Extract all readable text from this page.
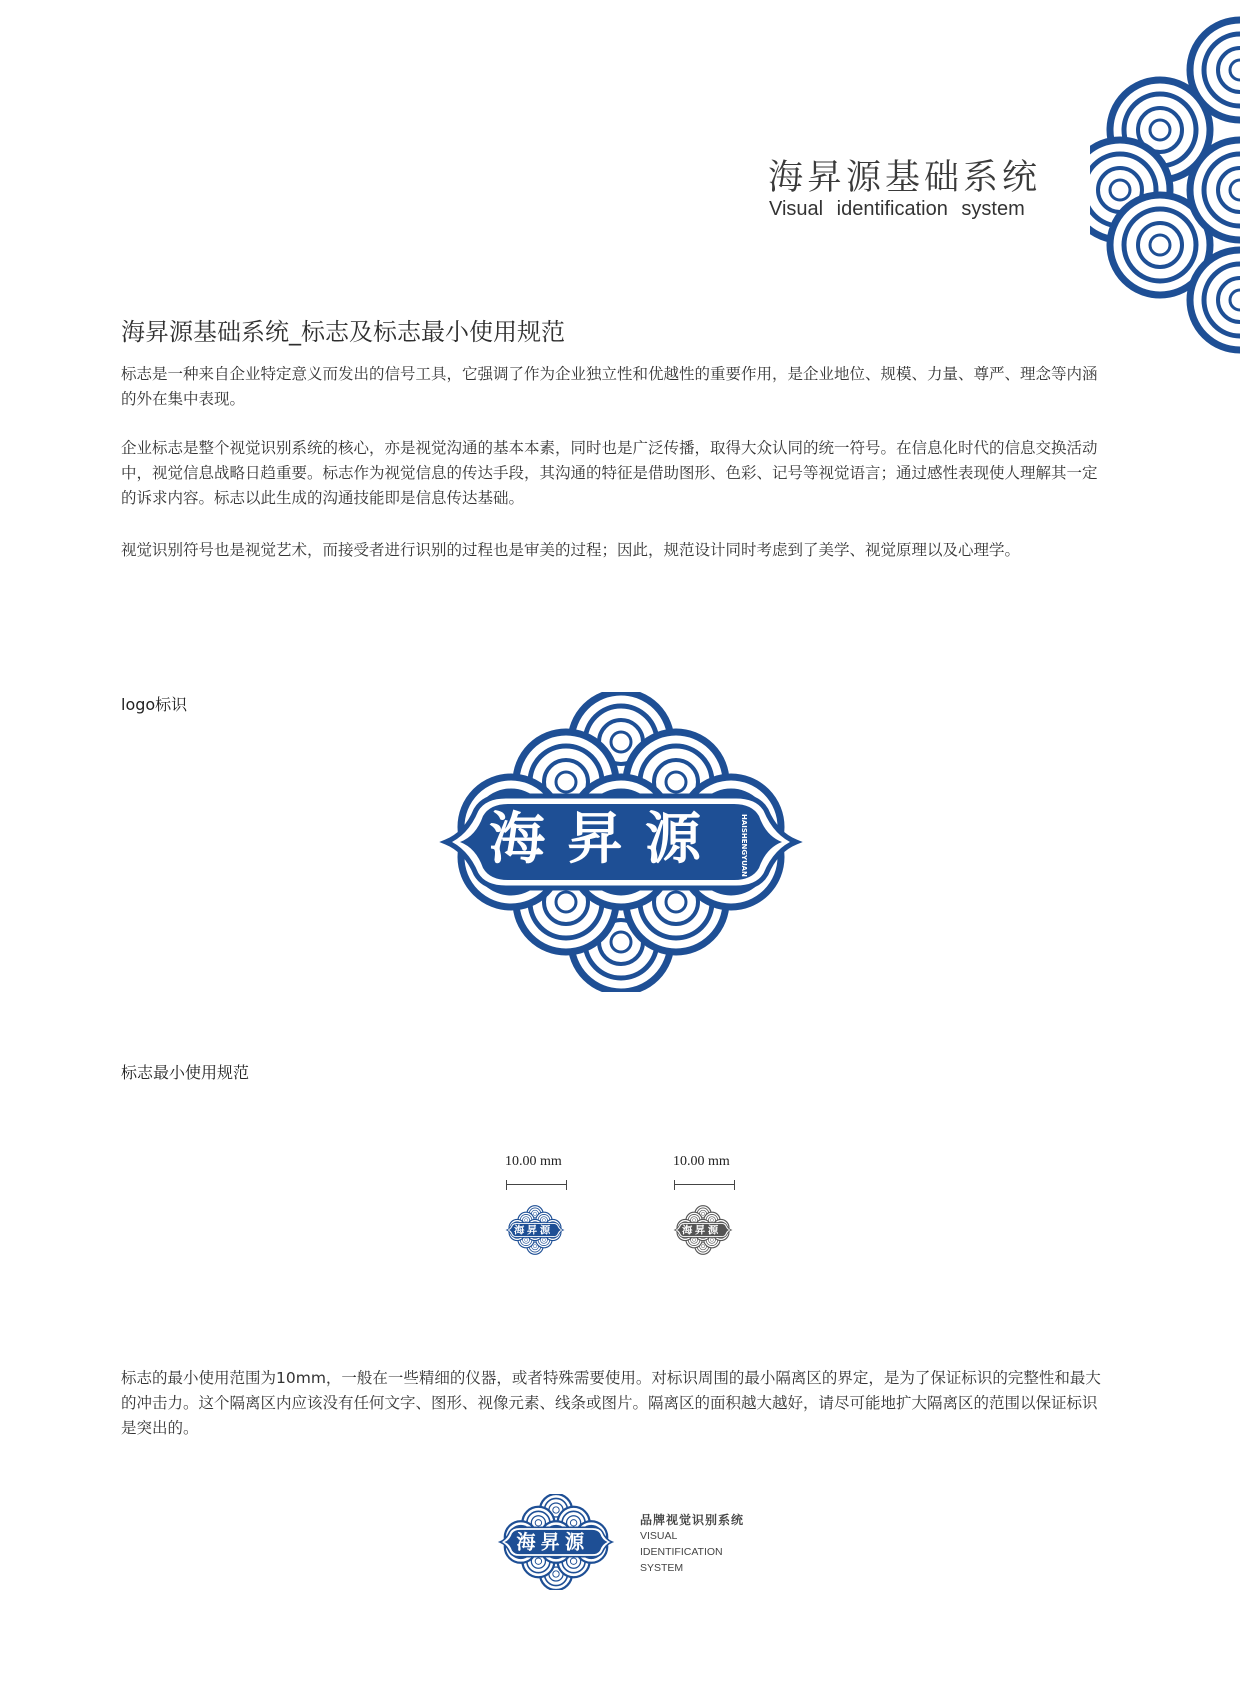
海昇源基础系统
Visual identification system
海昇源基础系统_标志及标志最小使用规范
标志是一种来自企业特定意义而发出的信号工具，它强调了作为企业独立性和优越性的重要作用，是企业地位、规模、力量、尊严、理念等内涵的外在集中表现。
企业标志是整个视觉识别系统的核心，亦是视觉沟通的基本本素，同时也是广泛传播，取得大众认同的统一符号。在信息化时代的信息交换活动中，视觉信息战略日趋重要。标志作为视觉信息的传达手段，其沟通的特征是借助图形、色彩、记号等视觉语言；通过感性表现使人理解其一定的诉求内容。标志以此生成的沟通技能即是信息传达基础。
视觉识别符号也是视觉艺术，而接受者进行识别的过程也是审美的过程；因此，规范设计同时考虑到了美学、视觉原理以及心理学。
logo标识
海昇源 HAISHENGYUAN
标志最小使用规范
10.00 mm
海昇源
10.00 mm
海昇源
标志的最小使用范围为10mm，一般在一些精细的仪器，或者特殊需要使用。对标识周围的最小隔离区的界定，是为了保证标识的完整性和最大的冲击力。这个隔离区内应该没有任何文字、图形、视像元素、线条或图片。隔离区的面积越大越好，请尽可能地扩大隔离区的范围以保证标识是突出的。
海昇源
品牌视觉识别系统
VISUAL
IDENTIFICATION
SYSTEM
